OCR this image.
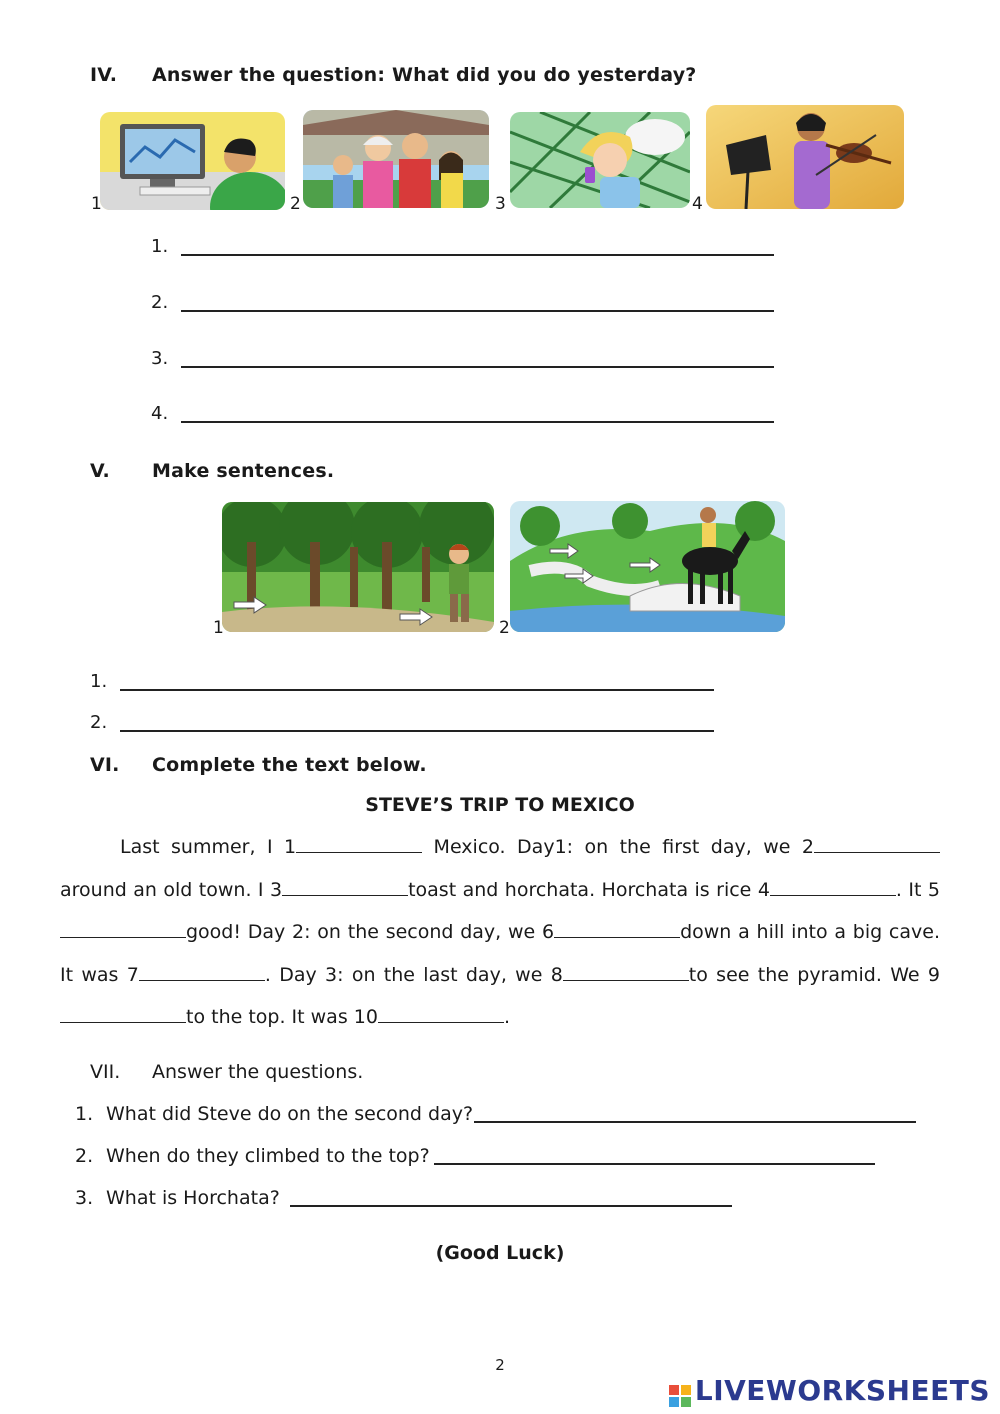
IV. Answer the question: What did you do yesterday?
1	2	3	4
1.
2.
3.
4.
V. Make sentences.
1	2
1.
2.
VI. Complete the text below.
STEVE’S TRIP TO MEXICO
Last summer, I 1	Mexico. Day1: on the first day, we 2around an old town. I 3	toast and horchata. Horchata is rice 4	. It 5good! Day 2: on the second day, we 6	down a hill into a big cave. It was 7	. Day 3: on the last day, we 8	to see the pyramid. We 9to the top. It was 10	.
VII. Answer the questions.
1. What did Steve do on the second day?
2. When do they climbed to the top?
3. What is Horchata?
(Good Luck)
2
LIVEWORKSHEETS
